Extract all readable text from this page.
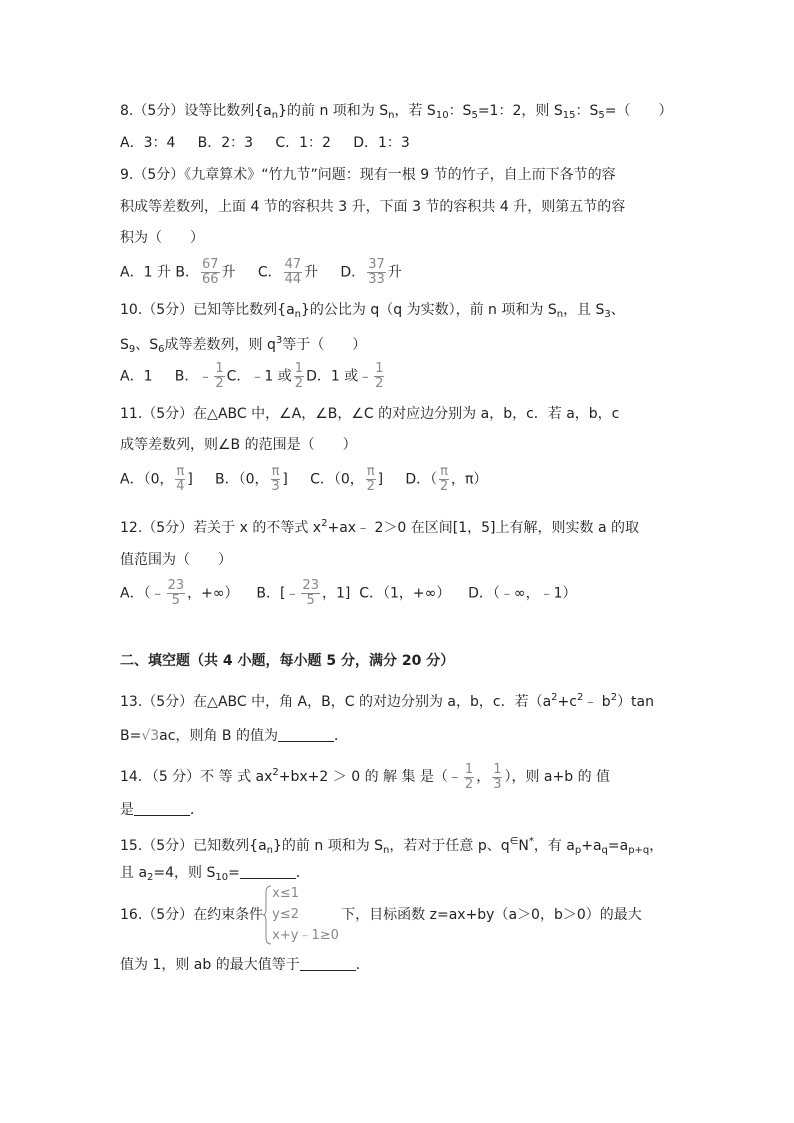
8.（5分）设等比数列$\{a_n\}$的前 n 项和为 $S_n$，若 $S_{10}$：$S_5=1$：2，则 $S_{15}$：$S_5=$（　　）
A．3：4 B．2：3 C．1：2 D．1：3
9.（5分）《九章算术》“竹九节”问题：现有一根 9 节的竹子，自上而下各节的容
积成等差数列，上面 4 节的容积共 3 升，下面 3 节的容积共 4 升，则第五节的容
积为（　　）
A．1 升 B． $\frac{67}{66}$ 升 C． $\frac{47}{44}$ 升 D． $\frac{37}{33}$ 升
10.（5分）已知等比数列$\{a_n\}$的公比为 q（q 为实数），前 n 项和为 $S_n$，且 $S_3$、
$S_9$、$S_6$成等差数列，则 $q^3$等于（　　）
A．1 B．﹣ $\frac{1}{2}$ C．﹣1 或 $\frac{1}{2}$ D．1 或﹣ $\frac{1}{2}$
11.（5分）在△ABC 中，∠A，∠B，∠C 的对应边分别为 a，b，c．若 a，b，c
成等差数列，则∠B 的范围是（　　）
A．（0， $\frac{\pi}{4}$ ] B．（0， $\frac{\pi}{3}$ ] C．（0， $\frac{\pi}{2}$ ] D．（ $\frac{\pi}{2}$ ，π）
12.（5分）若关于 x 的不等式 $x^2+ax﹣$ 2＞0 在区间[1，5]上有解，则实数 a 的取
值范围为（　　）
A．（﹣ $\frac{23}{5}$ ，+∞） B．[﹣ $\frac{23}{5}$ ，1] C．（1，+∞） D．（﹣∞，﹣1）
二、填空题（共 4 小题，每小题 5 分，满分 20 分）
13.（5分）在△ABC 中，角 A，B，C 的对边分别为 a，b，c．若（$a^2+c^2﹣$ $b^2)\tan$
B=√3ac，则角 B 的值为	．
14．（5 分）不 等 式 $ax^2+bx+2 > 0$ 的 解 集 是（﹣ $\frac{1}{2}$ ， $\frac{1}{3}$ ），则 a+b 的 值
是	．
15.（5分）已知数列$\{a_n\}$的前 n 项和为 $S_n$，若对于任意 p、q∈N*，有 $a_p+a_q=a_{p+q}$，
且 $a_2=4$，则 $S_{10}=$	．
16.（5分）在约束条件
x≤1
y≤2
x+y﹣1≥0
下，目标函数 z=ax+by（a＞0，b＞0）的最大
值为 1，则 ab 的最大值等于	．
